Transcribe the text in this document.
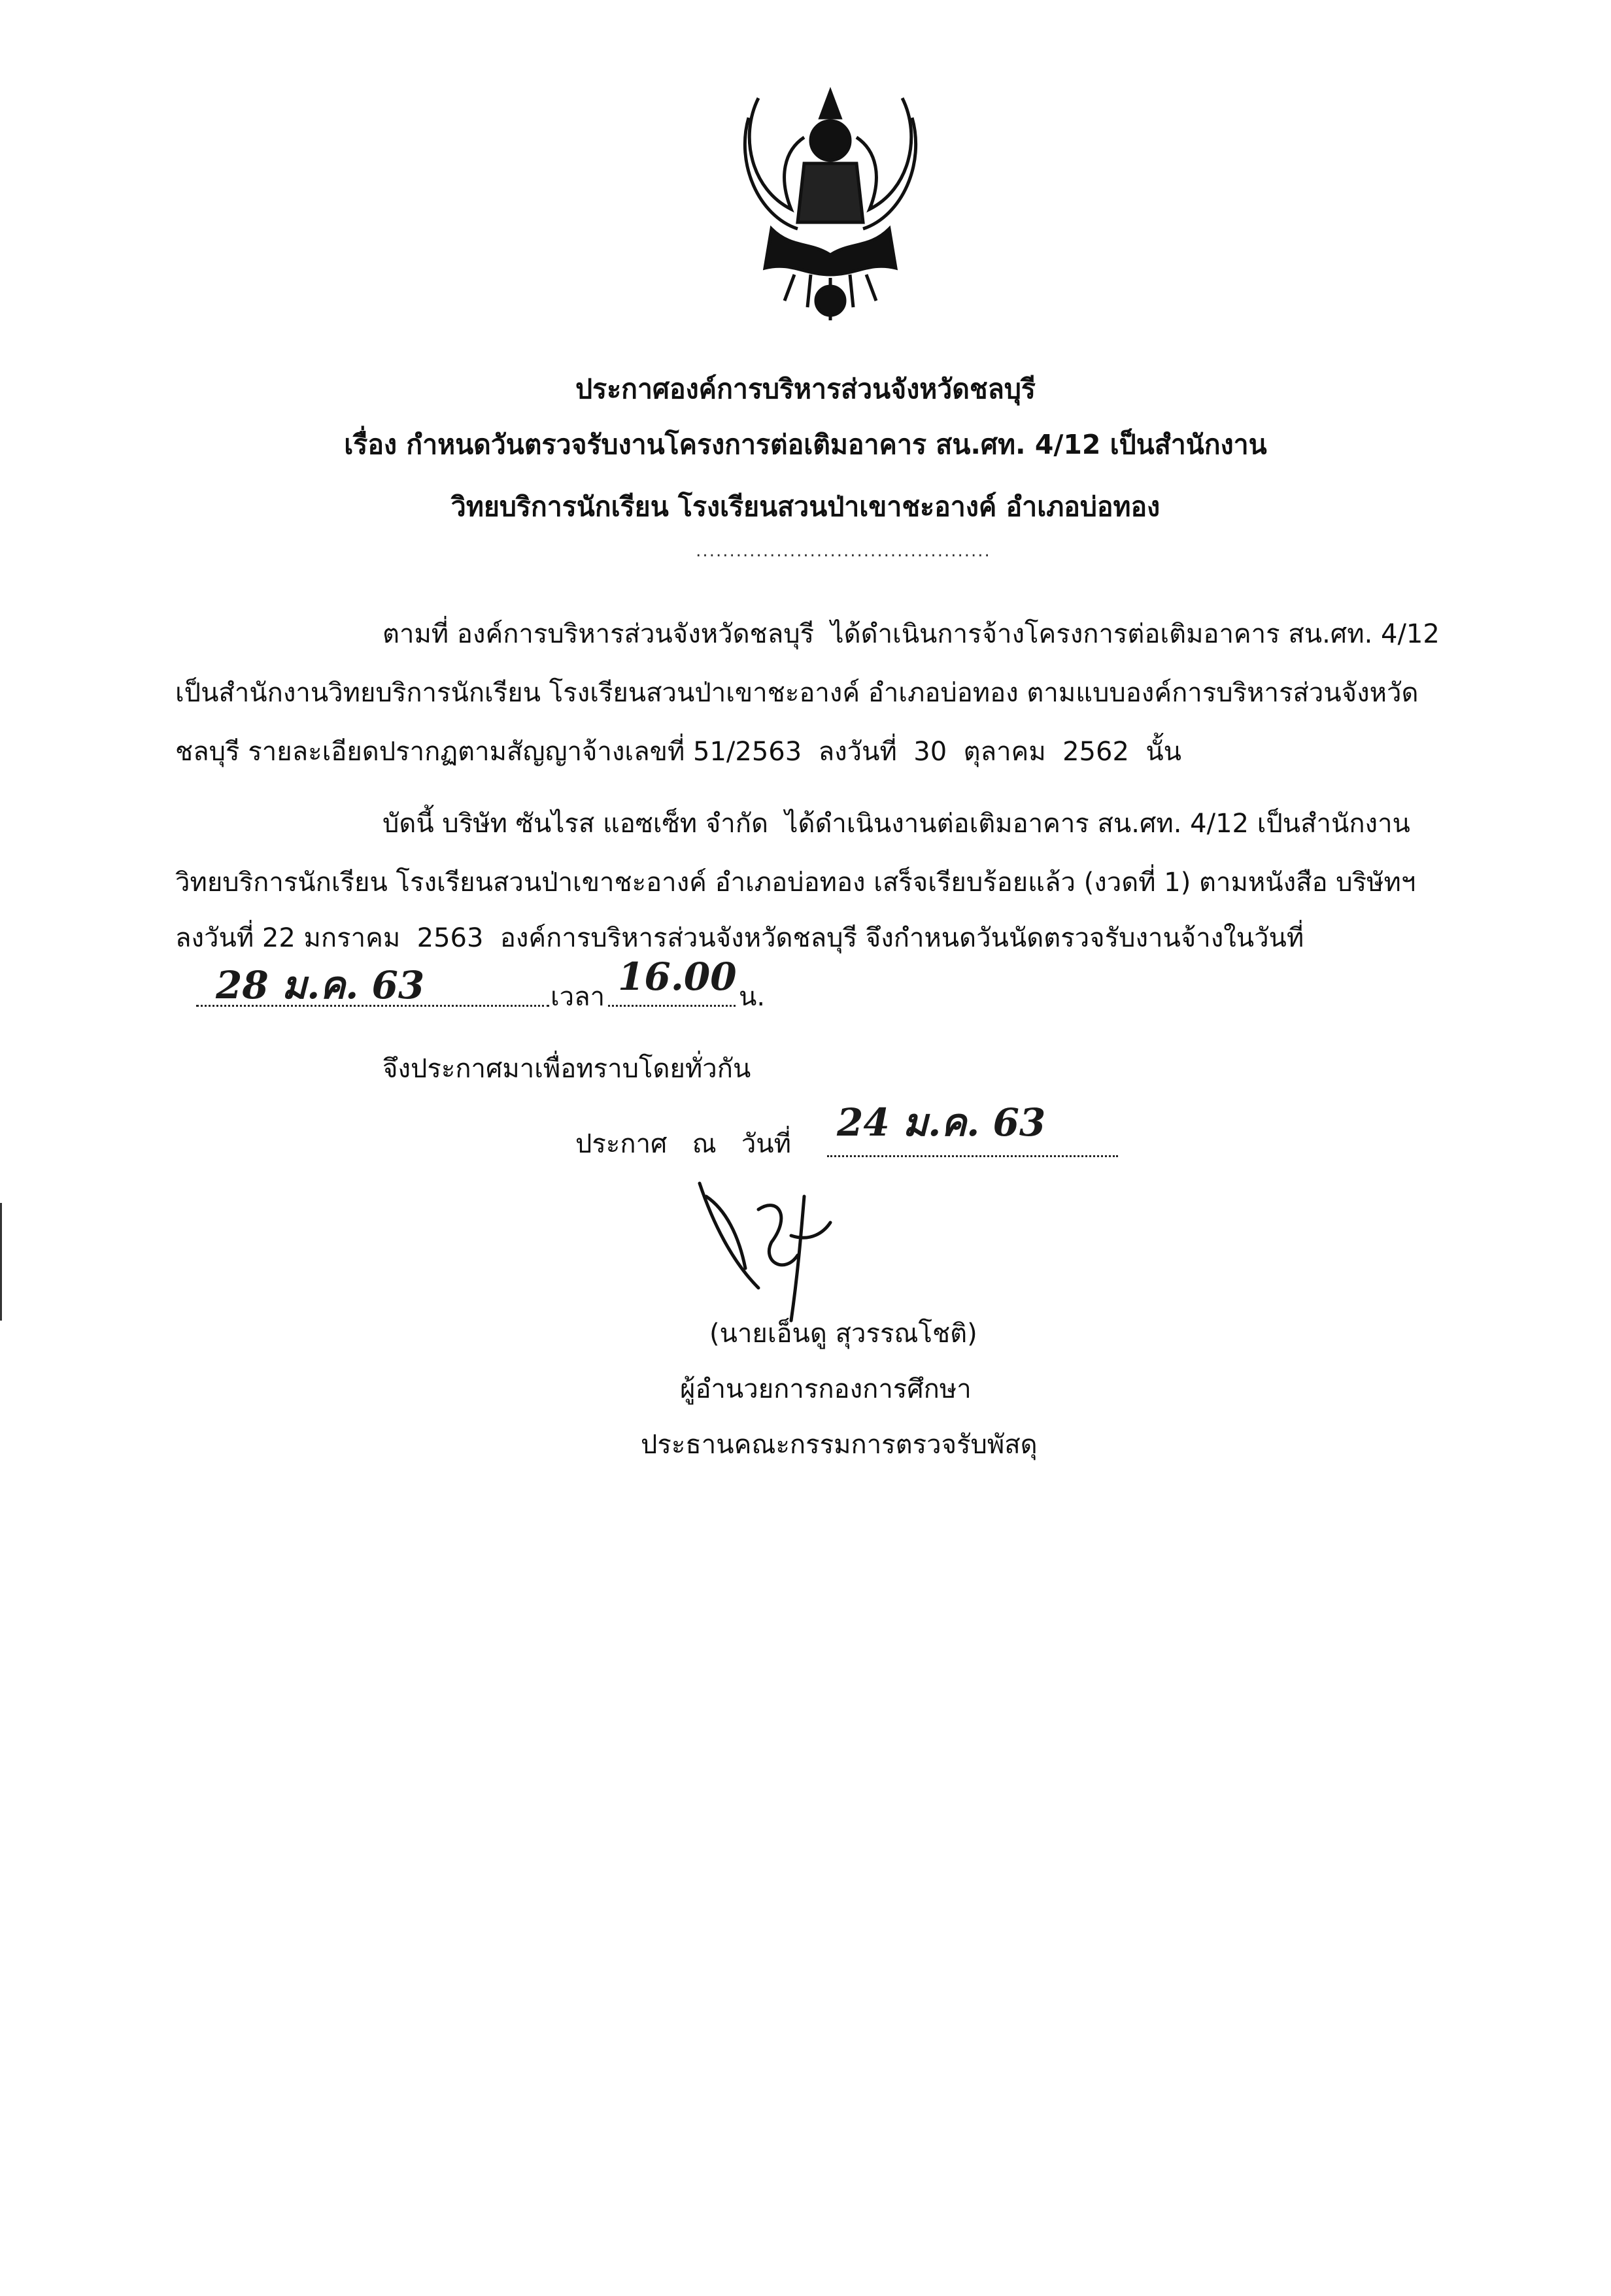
ประกาศองค์การบริหารส่วนจังหวัดชลบุรี
เรื่อง กำหนดวันตรวจรับงานโครงการต่อเติมอาคาร สน.ศท. 4/12 เป็นสำนักงาน
วิทยบริการนักเรียน โรงเรียนสวนป่าเขาชะอางค์ อำเภอบ่อทอง
............................................
ตามที่ องค์การบริหารส่วนจังหวัดชลบุรี  ได้ดำเนินการจ้างโครงการต่อเติมอาคาร สน.ศท. 4/12
เป็นสำนักงานวิทยบริการนักเรียน โรงเรียนสวนป่าเขาชะอางค์ อำเภอบ่อทอง ตามแบบองค์การบริหารส่วนจังหวัด
ชลบุรี รายละเอียดปรากฏตามสัญญาจ้างเลขที่ 51/2563  ลงวันที่  30  ตุลาคม  2562  นั้น
บัดนี้ บริษัท ซันไรส แอซเซ็ท จำกัด  ได้ดำเนินงานต่อเติมอาคาร สน.ศท. 4/12 เป็นสำนักงาน
วิทยบริการนักเรียน โรงเรียนสวนป่าเขาชะอางค์ อำเภอบ่อทอง เสร็จเรียบร้อยแล้ว (งวดที่ 1) ตามหนังสือ บริษัทฯ
ลงวันที่ 22 มกราคม  2563  องค์การบริหารส่วนจังหวัดชลบุรี จึงกำหนดวันนัดตรวจรับงานจ้างในวันที่
28 ม.ค. 63	เวลา 16.00 น.
จึงประกาศมาเพื่อทราบโดยทั่วกัน
ประกาศ   ณ   วันที่ 24 ม.ค. 63
(นายเอ็นดู สุวรรณโชติ)
ผู้อำนวยการกองการศึกษา
ประธานคณะกรรมการตรวจรับพัสดุ
